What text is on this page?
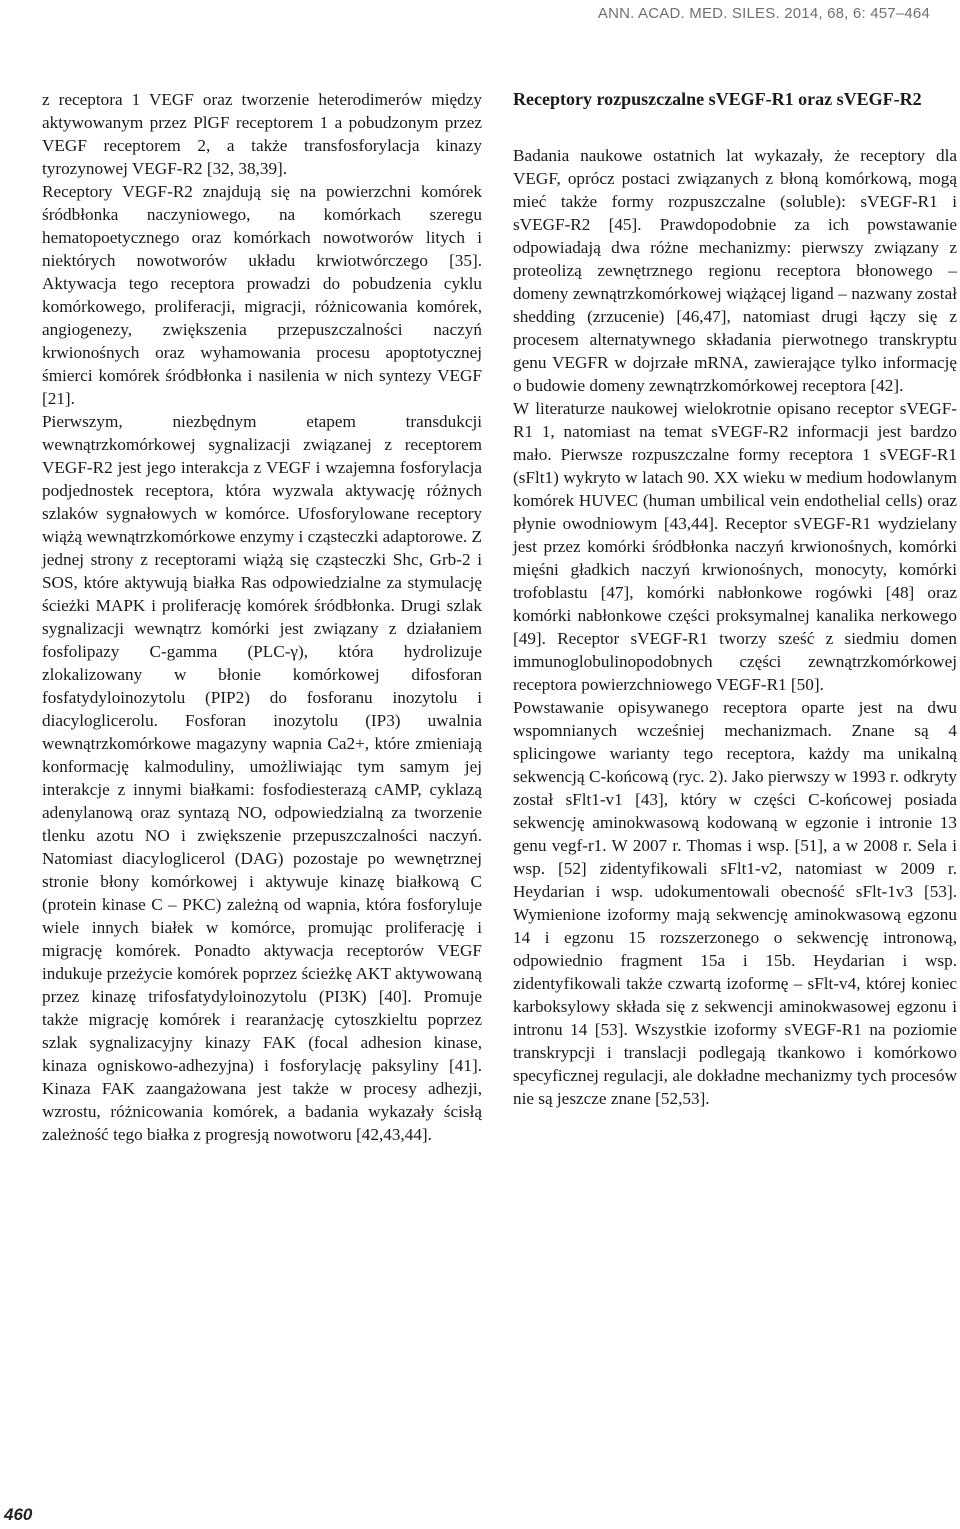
ANN. ACAD. MED. SILES. 2014, 68, 6: 457–464

z receptora 1 VEGF oraz tworzenie heterodimerów między aktywowanym przez PlGF receptorem 1 a pobudzonym przez VEGF receptorem 2, a także transfosforylacja kinazy tyrozynowej VEGF-R2 [32, 38,39].

Receptory VEGF-R2 znajdują się na powierzchni komórek śródbłonka naczyniowego, na komórkach szeregu hematopoetycznego oraz komórkach nowotworów litych i niektórych nowotworów układu krwiotwórczego [35]. Aktywacja tego receptora prowadzi do pobudzenia cyklu komórkowego, proliferacji, migracji, różnicowania komórek, angiogenezy, zwiększenia przepuszczalności naczyń krwionośnych oraz wyhamowania procesu apoptotycznej śmierci komórek śródbłonka i nasilenia w nich syntezy VEGF [21].

Pierwszym, niezbędnym etapem transdukcji wewnątrzkomórkowej sygnalizacji związanej z receptorem VEGF-R2 jest jego interakcja z VEGF i wzajemna fosforylacja podjednostek receptora, która wyzwala aktywację różnych szlaków sygnałowych w komórce. Ufosforylowane receptory wiążą wewnątrzkomórkowe enzymy i cząsteczki adaptorowe. Z jednej strony z receptorami wiążą się cząsteczki Shc, Grb-2 i SOS, które aktywują białka Ras odpowiedzialne za stymulację ścieżki MAPK i proliferację komórek śródbłonka. Drugi szlak sygnalizacji wewnątrz komórki jest związany z działaniem fosfolipazy C-gamma (PLC-γ), która hydrolizuje zlokalizowany w błonie komórkowej difosforan fosfatydyloinozytolu (PIP2) do fosforanu inozytolu i diacyloglicerolu. Fosforan inozytolu (IP3) uwalnia wewnątrzkomórkowe magazyny wapnia Ca2+, które zmieniają konformację kalmoduliny, umożliwiając tym samym jej interakcje z innymi białkami: fosfodiesterazą cAMP, cyklazą adenylanową oraz syntazą NO, odpowiedzialną za tworzenie tlenku azotu NO i zwiększenie przepuszczalności naczyń. Natomiast diacyloglicerol (DAG) pozostaje po wewnętrznej stronie błony komórkowej i aktywuje kinazę białkową C (protein kinase C – PKC) zależną od wapnia, która fosforyluje wiele innych białek w komórce, promując proliferację i migrację komórek. Ponadto aktywacja receptorów VEGF indukuje przeżycie komórek poprzez ścieżkę AKT aktywowaną przez kinazę trifosfatydyloinozytolu (PI3K) [40]. Promuje także migrację komórek i rearanżację cytoszkieltu poprzez szlak sygnalizacyjny kinazy FAK (focal adhesion kinase, kinaza ogniskowo-adhezyjna) i fosforylację paksyliny [41]. Kinaza FAK zaangażowana jest także w procesy adhezji, wzrostu, różnicowania komórek, a badania wykazały ścisłą zależność tego białka z progresją nowotworu [42,43,44].

Receptory rozpuszczalne sVEGF-R1 oraz sVEGF-R2

Badania naukowe ostatnich lat wykazały, że receptory dla VEGF, oprócz postaci związanych z błoną komórkową, mogą mieć także formy rozpuszczalne (soluble): sVEGF-R1 i sVEGF-R2 [45]. Prawdopodobnie za ich powstawanie odpowiadają dwa różne mechanizmy: pierwszy związany z proteolizą zewnętrznego regionu receptora błonowego – domeny zewnątrzkomórkowej wiążącej ligand – nazwany został shedding (zrzucenie) [46,47], natomiast drugi łączy się z procesem alternatywnego składania pierwotnego transkryptu genu VEGFR w dojrzałe mRNA, zawierające tylko informację o budowie domeny zewnątrzkomórkowej receptora [42].

W literaturze naukowej wielokrotnie opisano receptor sVEGF-R1 1, natomiast na temat sVEGF-R2 informacji jest bardzo mało. Pierwsze rozpuszczalne formy receptora 1 sVEGF-R1 (sFlt1) wykryto w latach 90. XX wieku w medium hodowlanym komórek HUVEC (human umbilical vein endothelial cells) oraz płynie owodniowym [43,44]. Receptor sVEGF-R1 wydzielany jest przez komórki śródbłonka naczyń krwionośnych, komórki mięśni gładkich naczyń krwionośnych, monocyty, komórki trofoblastu [47], komórki nabłonkowe rogówki [48] oraz komórki nabłonkowe części proksymalnej kanalika nerkowego [49]. Receptor sVEGF-R1 tworzy sześć z siedmiu domen immunoglobulinopodobnych części zewnątrzkomórkowej receptora powierzchniowego VEGF-R1 [50].

Powstawanie opisywanego receptora oparte jest na dwu wspomnianych wcześniej mechanizmach. Znane są 4 splicingowe warianty tego receptora, każdy ma unikalną sekwencją C-końcową (ryc. 2). Jako pierwszy w 1993 r. odkryty został sFlt1-v1 [43], który w części C-końcowej posiada sekwencję aminokwasową kodowaną w egzonie i intronie 13 genu vegf-r1. W 2007 r. Thomas i wsp. [51], a w 2008 r. Sela i wsp. [52] zidentyfikowali sFlt1-v2, natomiast w 2009 r. Heydarian i wsp. udokumentowali obecność sFlt-1v3 [53]. Wymienione izoformy mają sekwencję aminokwasową egzonu 14 i egzonu 15 rozszerzonego o sekwencję intronową, odpowiednio fragment 15a i 15b. Heydarian i wsp. zidentyfikowali także czwartą izoformę – sFlt-v4, której koniec karboksylowy składa się z sekwencji aminokwasowej egzonu i intronu 14 [53]. Wszystkie izoformy sVEGF-R1 na poziomie transkrypcji i translacji podlegają tkankowo i komórkowo specyficznej regulacji, ale dokładne mechanizmy tych procesów nie są jeszcze znane [52,53].

460
